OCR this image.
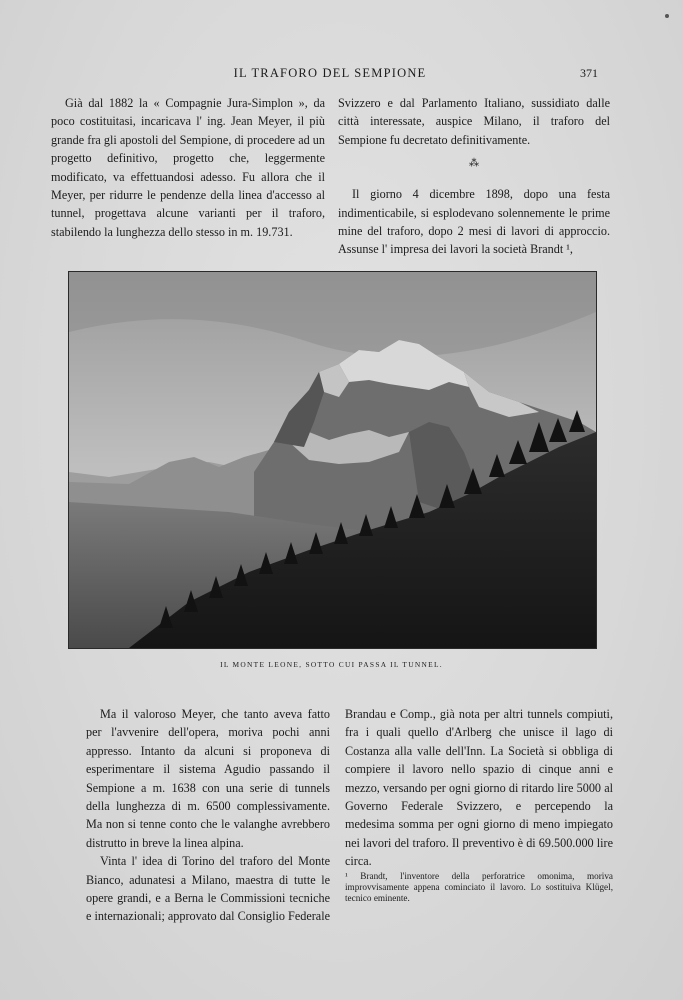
IL TRAFORO DEL SEMPIONE	371

Già dal 1882 la « Compagnie Jura-Simplon », da poco costituitasi, incaricava l' ing. Jean Meyer, il più grande fra gli apostoli del Sempione, di procedere ad un progetto definitivo, progetto che, leggermente modificato, va effettuandosi adesso. Fu allora che il Meyer, per ridurre le pendenze della linea d'accesso al tunnel, progettava alcune varianti per il traforo, stabilendo la lunghezza dello stesso in m. 19.731.

Svizzero e dal Parlamento Italiano, sussidiato dalle città interessate, auspice Milano, il traforo del Sempione fu decretato definitivamente.

⁂

Il giorno 4 dicembre 1898, dopo una festa indimenticabile, si esplodevano solennemente le prime mine del traforo, dopo 2 mesi di lavori di approccio. Assunse l' impresa dei lavori la società Brandt ¹,

IL MONTE LEONE, SOTTO CUI PASSA IL TUNNEL.

Ma il valoroso Meyer, che tanto aveva fatto per l'avvenire dell'opera, moriva pochi anni appresso. Intanto da alcuni si proponeva di esperimentare il sistema Agudio passando il Sempione a m. 1638 con una serie di tunnels della lunghezza di m. 6500 complessivamente. Ma non si tenne conto che le valanghe avrebbero distrutto in breve la linea alpina.

Vinta l' idea di Torino del traforo del Monte Bianco, adunatesi a Milano, maestra di tutte le opere grandi, e a Berna le Commissioni tecniche e internazionali; approvato dal Consiglio Federale

Brandau e Comp., già nota per altri tunnels compiuti, fra i quali quello d'Arlberg che unisce il lago di Costanza alla valle dell'Inn. La Società si obbliga di compiere il lavoro nello spazio di cinque anni e mezzo, versando per ogni giorno di ritardo lire 5000 al Governo Federale Svizzero, e percependo la medesima somma per ogni giorno di meno impiegato nei lavori del traforo. Il preventivo è di 69.500.000 lire circa.

¹ Brandt, l'inventore della perforatrice omonima, moriva improvvisamente appena cominciato il lavoro. Lo sostituiva Klügel, tecnico eminente.
